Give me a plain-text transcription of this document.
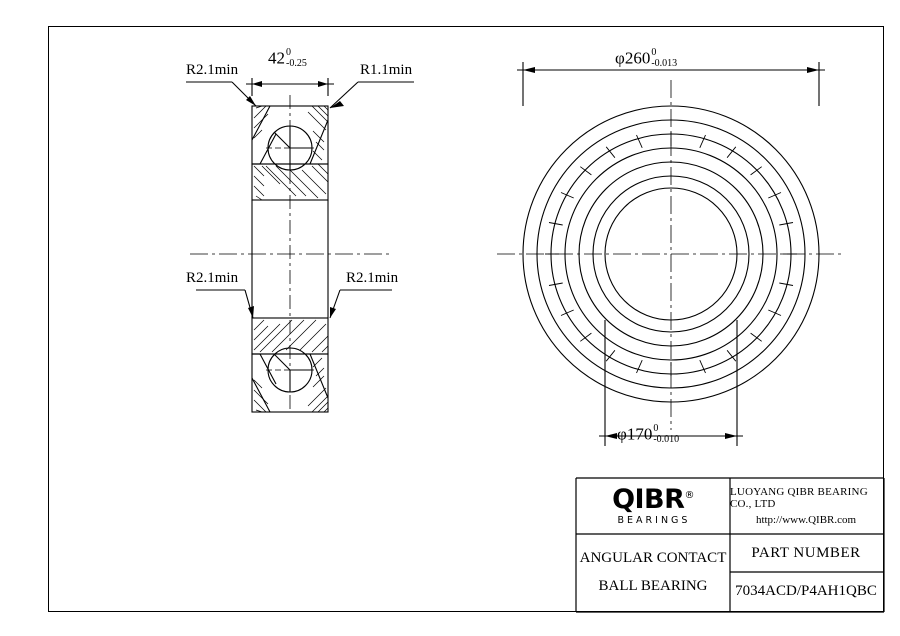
R2.1min	R1.1min
R2.1min	R2.1min
42 0
-0.25	φ260 0
-0.013
φ170 0
-0.010
QIBR®
BEARINGS
LUOYANG QIBR BEARING CO., LTD
http://www.QIBR.com
ANGULAR CONTACT
BALL BEARING
PART NUMBER
7034ACD/P4AH1QBC
